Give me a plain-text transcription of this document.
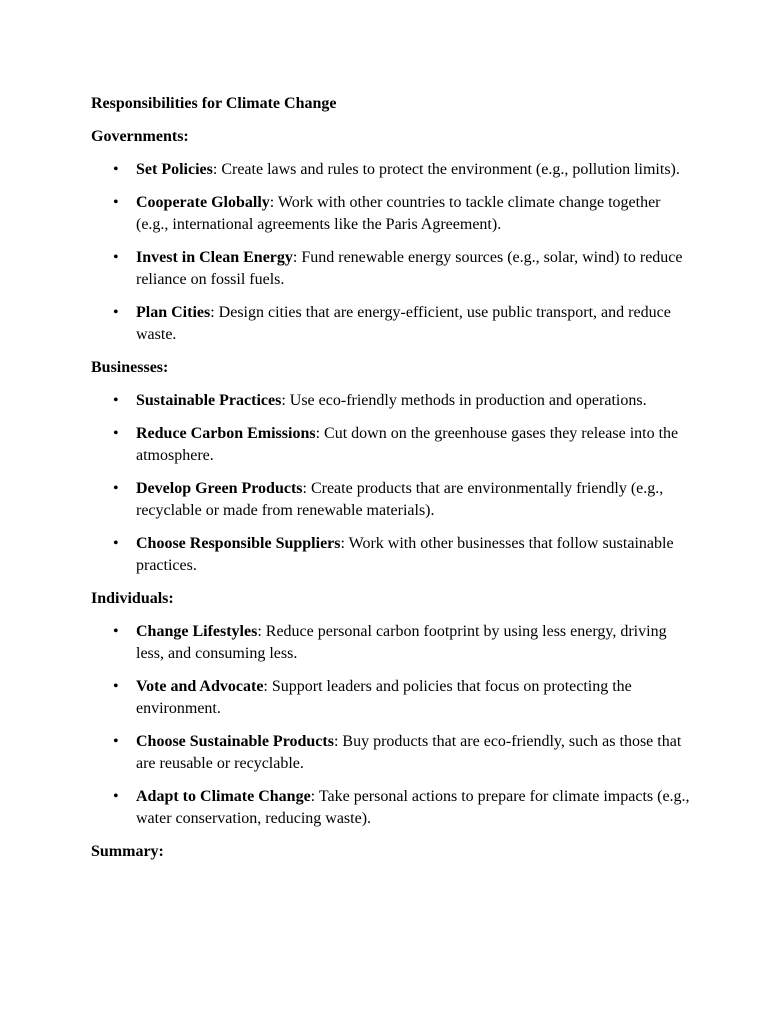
Responsibilities for Climate Change
Governments:
• Set Policies: Create laws and rules to protect the environment (e.g., pollution limits).
• Cooperate Globally: Work with other countries to tackle climate change together (e.g., international agreements like the Paris Agreement).
• Invest in Clean Energy: Fund renewable energy sources (e.g., solar, wind) to reduce reliance on fossil fuels.
• Plan Cities: Design cities that are energy-efficient, use public transport, and reduce waste.
Businesses:
• Sustainable Practices: Use eco-friendly methods in production and operations.
• Reduce Carbon Emissions: Cut down on the greenhouse gases they release into the atmosphere.
• Develop Green Products: Create products that are environmentally friendly (e.g., recyclable or made from renewable materials).
• Choose Responsible Suppliers: Work with other businesses that follow sustainable practices.
Individuals:
• Change Lifestyles: Reduce personal carbon footprint by using less energy, driving less, and consuming less.
• Vote and Advocate: Support leaders and policies that focus on protecting the environment.
• Choose Sustainable Products: Buy products that are eco-friendly, such as those that are reusable or recyclable.
• Adapt to Climate Change: Take personal actions to prepare for climate impacts (e.g., water conservation, reducing waste).
Summary:
